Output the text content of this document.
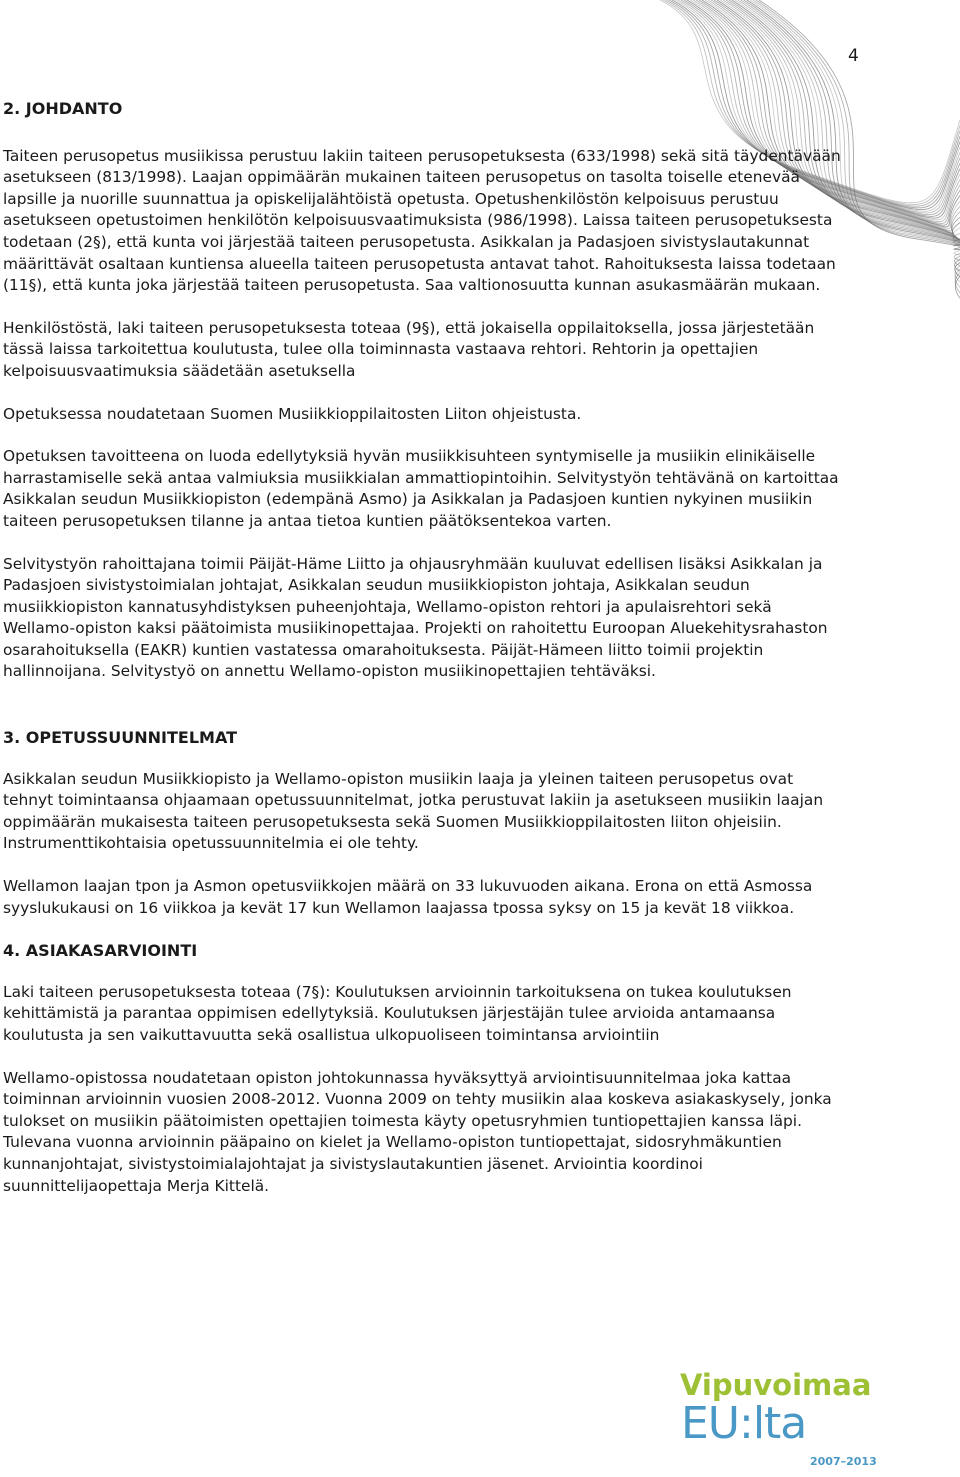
4
2. JOHDANTO

Taiteen perusopetus musiikissa perustuu lakiin taiteen perusopetuksesta (633/1998) sekä sitä täydentävään asetukseen (813/1998). Laajan oppimäärän mukainen taiteen perusopetus on tasolta toiselle etenevää lapsille ja nuorille suunnattua ja opiskelijalähtöistä opetusta. Opetushenkilöstön kelpoisuus perustuu asetukseen opetustoimen henkilötön kelpoisuusvaatimuksista (986/1998). Laissa taiteen perusopetuksesta todetaan (2§), että kunta voi järjestää taiteen perusopetusta. Asikkalan ja Padasjoen sivistyslautakunnat määrittävät osaltaan kuntiensa alueella taiteen perusopetusta antavat tahot. Rahoituksesta laissa todetaan (11§), että kunta joka järjestää taiteen perusopetusta. Saa valtionosuutta kunnan asukasmäärän mukaan.

Henkilöstöstä, laki taiteen perusopetuksesta toteaa (9§), että jokaisella oppilaitoksella, jossa järjestetään tässä laissa tarkoitettua koulutusta, tulee olla toiminnasta vastaava rehtori. Rehtorin ja opettajien kelpoisuusvaatimuksia säädetään asetuksella

Opetuksessa noudatetaan Suomen Musiikkioppilaitosten Liiton ohjeistusta.

Opetuksen tavoitteena on luoda edellytyksiä hyvän musiikkisuhteen syntymiselle ja musiikin elinikäiselle harrastamiselle sekä antaa valmiuksia musiikkialan ammattiopintoihin. Selvitystyön tehtävänä on kartoittaa Asikkalan seudun Musiikkiopiston (edempänä Asmo) ja Asikkalan ja Padasjoen kuntien nykyinen musiikin taiteen perusopetuksen tilanne ja antaa tietoa kuntien päätöksentekoa varten.

Selvitystyön rahoittajana toimii Päijät-Häme Liitto ja ohjausryhmään kuuluvat edellisen lisäksi Asikkalan ja Padasjoen sivistystoimialan johtajat, Asikkalan seudun musiikkiopiston johtaja, Asikkalan seudun musiikkiopiston kannatusyhdistyksen puheenjohtaja, Wellamo-opiston rehtori ja apulaisrehtori sekä Wellamo-opiston kaksi päätoimista musiikinopettajaa. Projekti on rahoitettu Euroopan Aluekehitysrahaston osarahoituksella (EAKR) kuntien vastatessa omarahoituksesta. Päijät-Hämeen liitto toimii projektin hallinnoijana. Selvitystyö on annettu Wellamo-opiston musiikinopettajien tehtäväksi.

3. OPETUSSUUNNITELMAT

Asikkalan seudun Musiikkiopisto ja Wellamo-opiston musiikin laaja ja yleinen taiteen perusopetus ovat tehnyt toimintaansa ohjaamaan opetussuunnitelmat, jotka perustuvat lakiin ja asetukseen musiikin laajan oppimäärän mukaisesta taiteen perusopetuksesta sekä Suomen Musiikkioppilaitosten liiton ohjeisiin. Instrumenttikohtaisia opetussuunnitelmia ei ole tehty.

Wellamon laajan tpon ja Asmon opetusviikkojen määrä on 33 lukuvuoden aikana. Erona on että Asmossa syyslukukausi on 16 viikkoa ja kevät 17 kun Wellamon laajassa tpossa syksy on 15 ja kevät 18 viikkoa.

4. ASIAKASARVIOINTI

Laki taiteen perusopetuksesta toteaa (7§): Koulutuksen arvioinnin tarkoituksena on tukea koulutuksen kehittämistä ja parantaa oppimisen edellytyksiä. Koulutuksen järjestäjän tulee arvioida antamaansa koulutusta ja sen vaikuttavuutta sekä osallistua ulkopuoliseen toimintansa arviointiin

Wellamo-opistossa noudatetaan opiston johtokunnassa hyväksyttyä arviointisuunnitelmaa joka kattaa toiminnan arvioinnin vuosien 2008-2012. Vuonna 2009 on tehty musiikin alaa koskeva asiakaskysely, jonka tulokset on musiikin päätoimisten opettajien toimesta käyty opetusryhmien tuntiopettajien kanssa läpi. Tulevana vuonna arvioinnin pääpaino on kielet ja Wellamo-opiston tuntiopettajat, sidosryhmäkuntien kunnanjohtajat, sivistystoimialajohtajat ja sivistyslautakuntien jäsenet. Arviointia koordinoi suunnittelijaopettaja Merja Kittelä.

Vipuvoimaa
EU:lta
2007–2013
